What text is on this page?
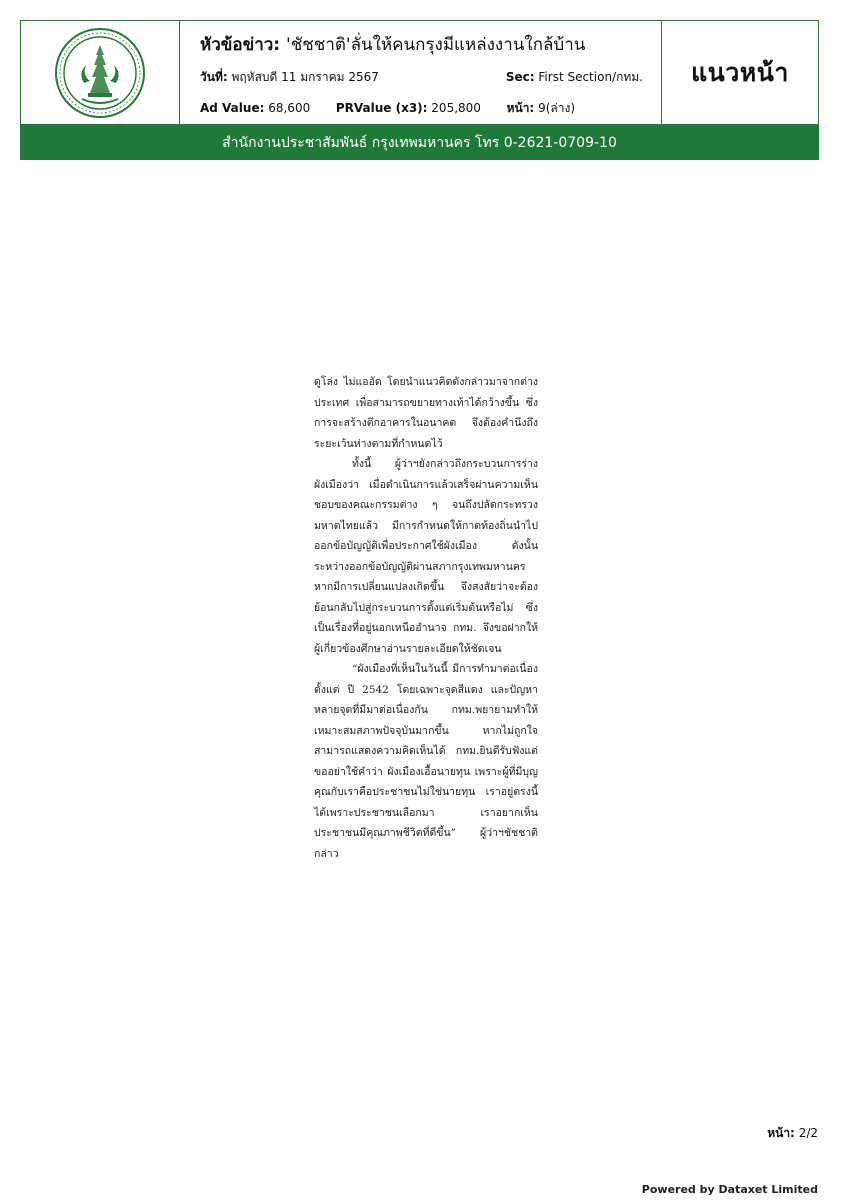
หัวข้อข่าว: 'ชัชชาติ'ลั่นให้คนกรุงมีแหล่งงานใกล้บ้าน
วันที่: พฤหัสบดี 11 มกราคม 2567	Sec: First Section/กทม.
Ad Value: 68,600 PRValue (x3): 205,800 หน้า: 9(ล่าง)
แนวหน้า
สำนักงานประชาสัมพันธ์ กรุงเทพมหานคร โทร 0-2621-0709-10

ดูโล่ง ไม่แออัด โดยนำแนวคิดดังกล่าวมาจากต่างประเทศ เพื่อสามารถขยายทางเท้าได้กว้างขึ้น ซึ่งการจะสร้างตึกอาคารในอนาคต จึงต้องคำนึงถึงระยะเว้นห่างตามที่กำหนดไว้

ทั้งนี้ ผู้ว่าฯยังกล่าวถึงกระบวนการร่างผังเมืองว่า เมื่อดำเนินการแล้วเสร็จผ่านความเห็นชอบของคณะกรรมต่าง ๆ จนถึงปลัดกระทรวงมหาดไทยแล้ว มีการกำหนดให้กาดท้องถิ่นนำไปออกข้อบัญญัติเพื่อประกาศใช้ผังเมือง ดังนั้น ระหว่างออกข้อบัญญัติผ่านสภากรุงเทพมหานคร หากมีการเปลี่ยนแปลงเกิดขึ้น จึงสงสัยว่าจะต้องย้อนกลับไปสู่กระบวนการตั้งแต่เริ่มต้นหรือไม่ ซึ่งเป็นเรื่องที่อยู่นอกเหนืออำนาจ กทม. จึงขอฝากให้ผู้เกี่ยวข้องศึกษาอ่านรายละเอียดให้ชัดเจน

“ผังเมืองที่เห็นในวันนี้ มีการทำมาต่อเนื่องตั้งแต่ ปี 2542 โดยเฉพาะจุดสีแดง และปัญหาหลายจุดที่มีมาต่อเนื่องกัน กทม.พยายามทำให้เหมาะสมสภาพปัจจุบันมากขึ้น หากไม่ถูกใจสามารถแสดงความคิดเห็นได้ กทม.ยินดีรับฟังแต่ขออย่าใช้คำว่า ผังเมืองเอื้อนายทุน เพราะผู้ที่มีบุญคุณกับเราคือประชาชนไม่ใช่นายทุน เราอยู่ตรงนี้ได้เพราะประชาชนเลือกมา เราอยากเห็นประชาชนมีคุณภาพชีวิตที่ดีขึ้น” ผู้ว่าฯชัชชาติกล่าว

หน้า: 2/2
Powered by Dataxet Limited
